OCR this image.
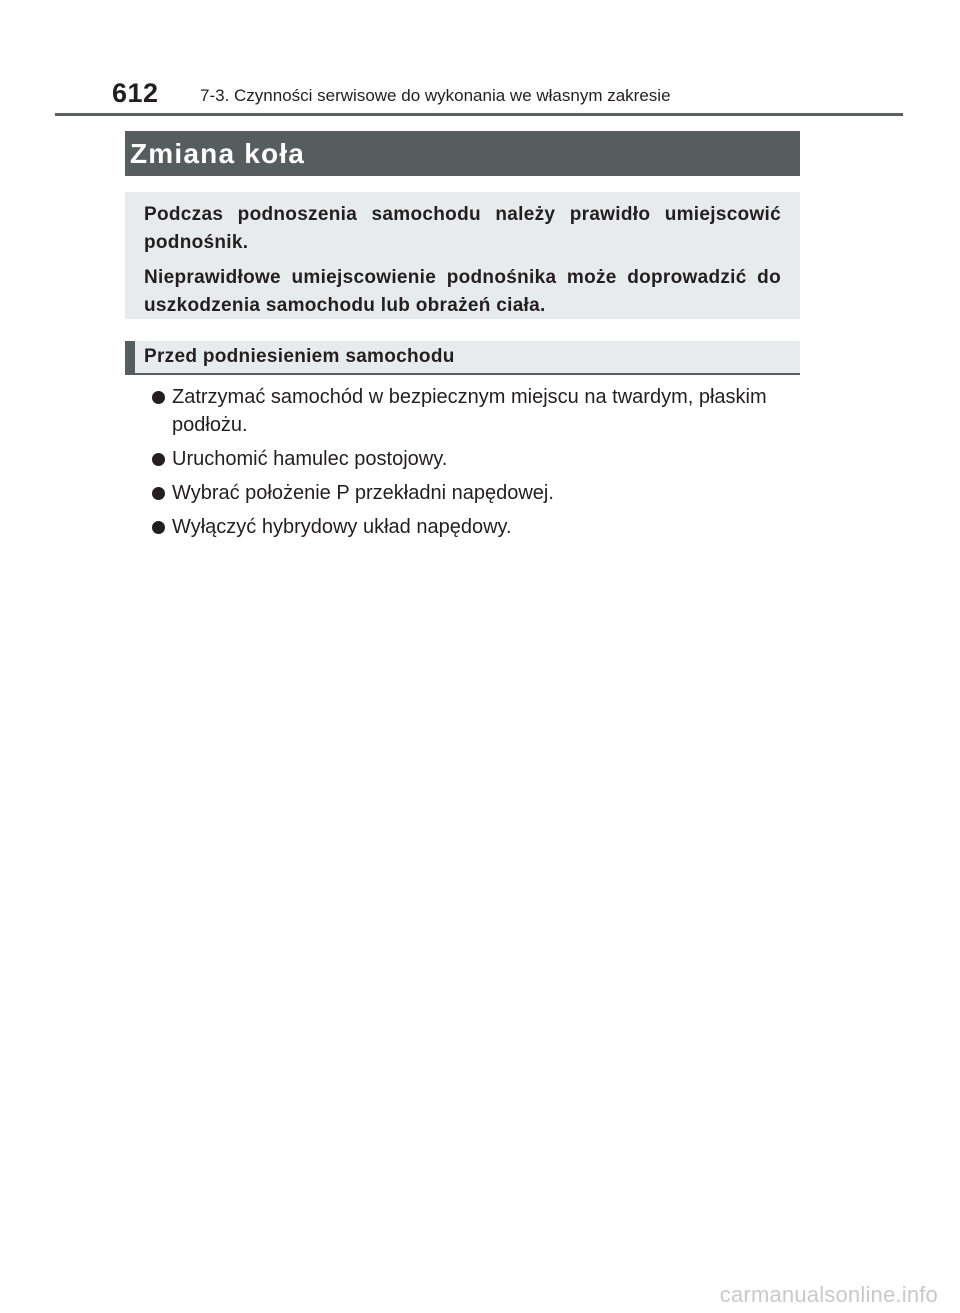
612 7-3. Czynności serwisowe do wykonania we własnym zakresie
Zmiana koła

Podczas podnoszenia samochodu należy prawidło umiejscowić podnośnik.

Nieprawidłowe umiejscowienie podnośnika może doprowadzić do uszkodzenia samochodu lub obrażeń ciała.

Przed podniesieniem samochodu
Zatrzymać samochód w bezpiecznym miejscu na twardym, płaskim podłożu.
Uruchomić hamulec postojowy.
Wybrać położenie P przekładni napędowej.
Wyłączyć hybrydowy układ napędowy.
carmanualsonline.info
